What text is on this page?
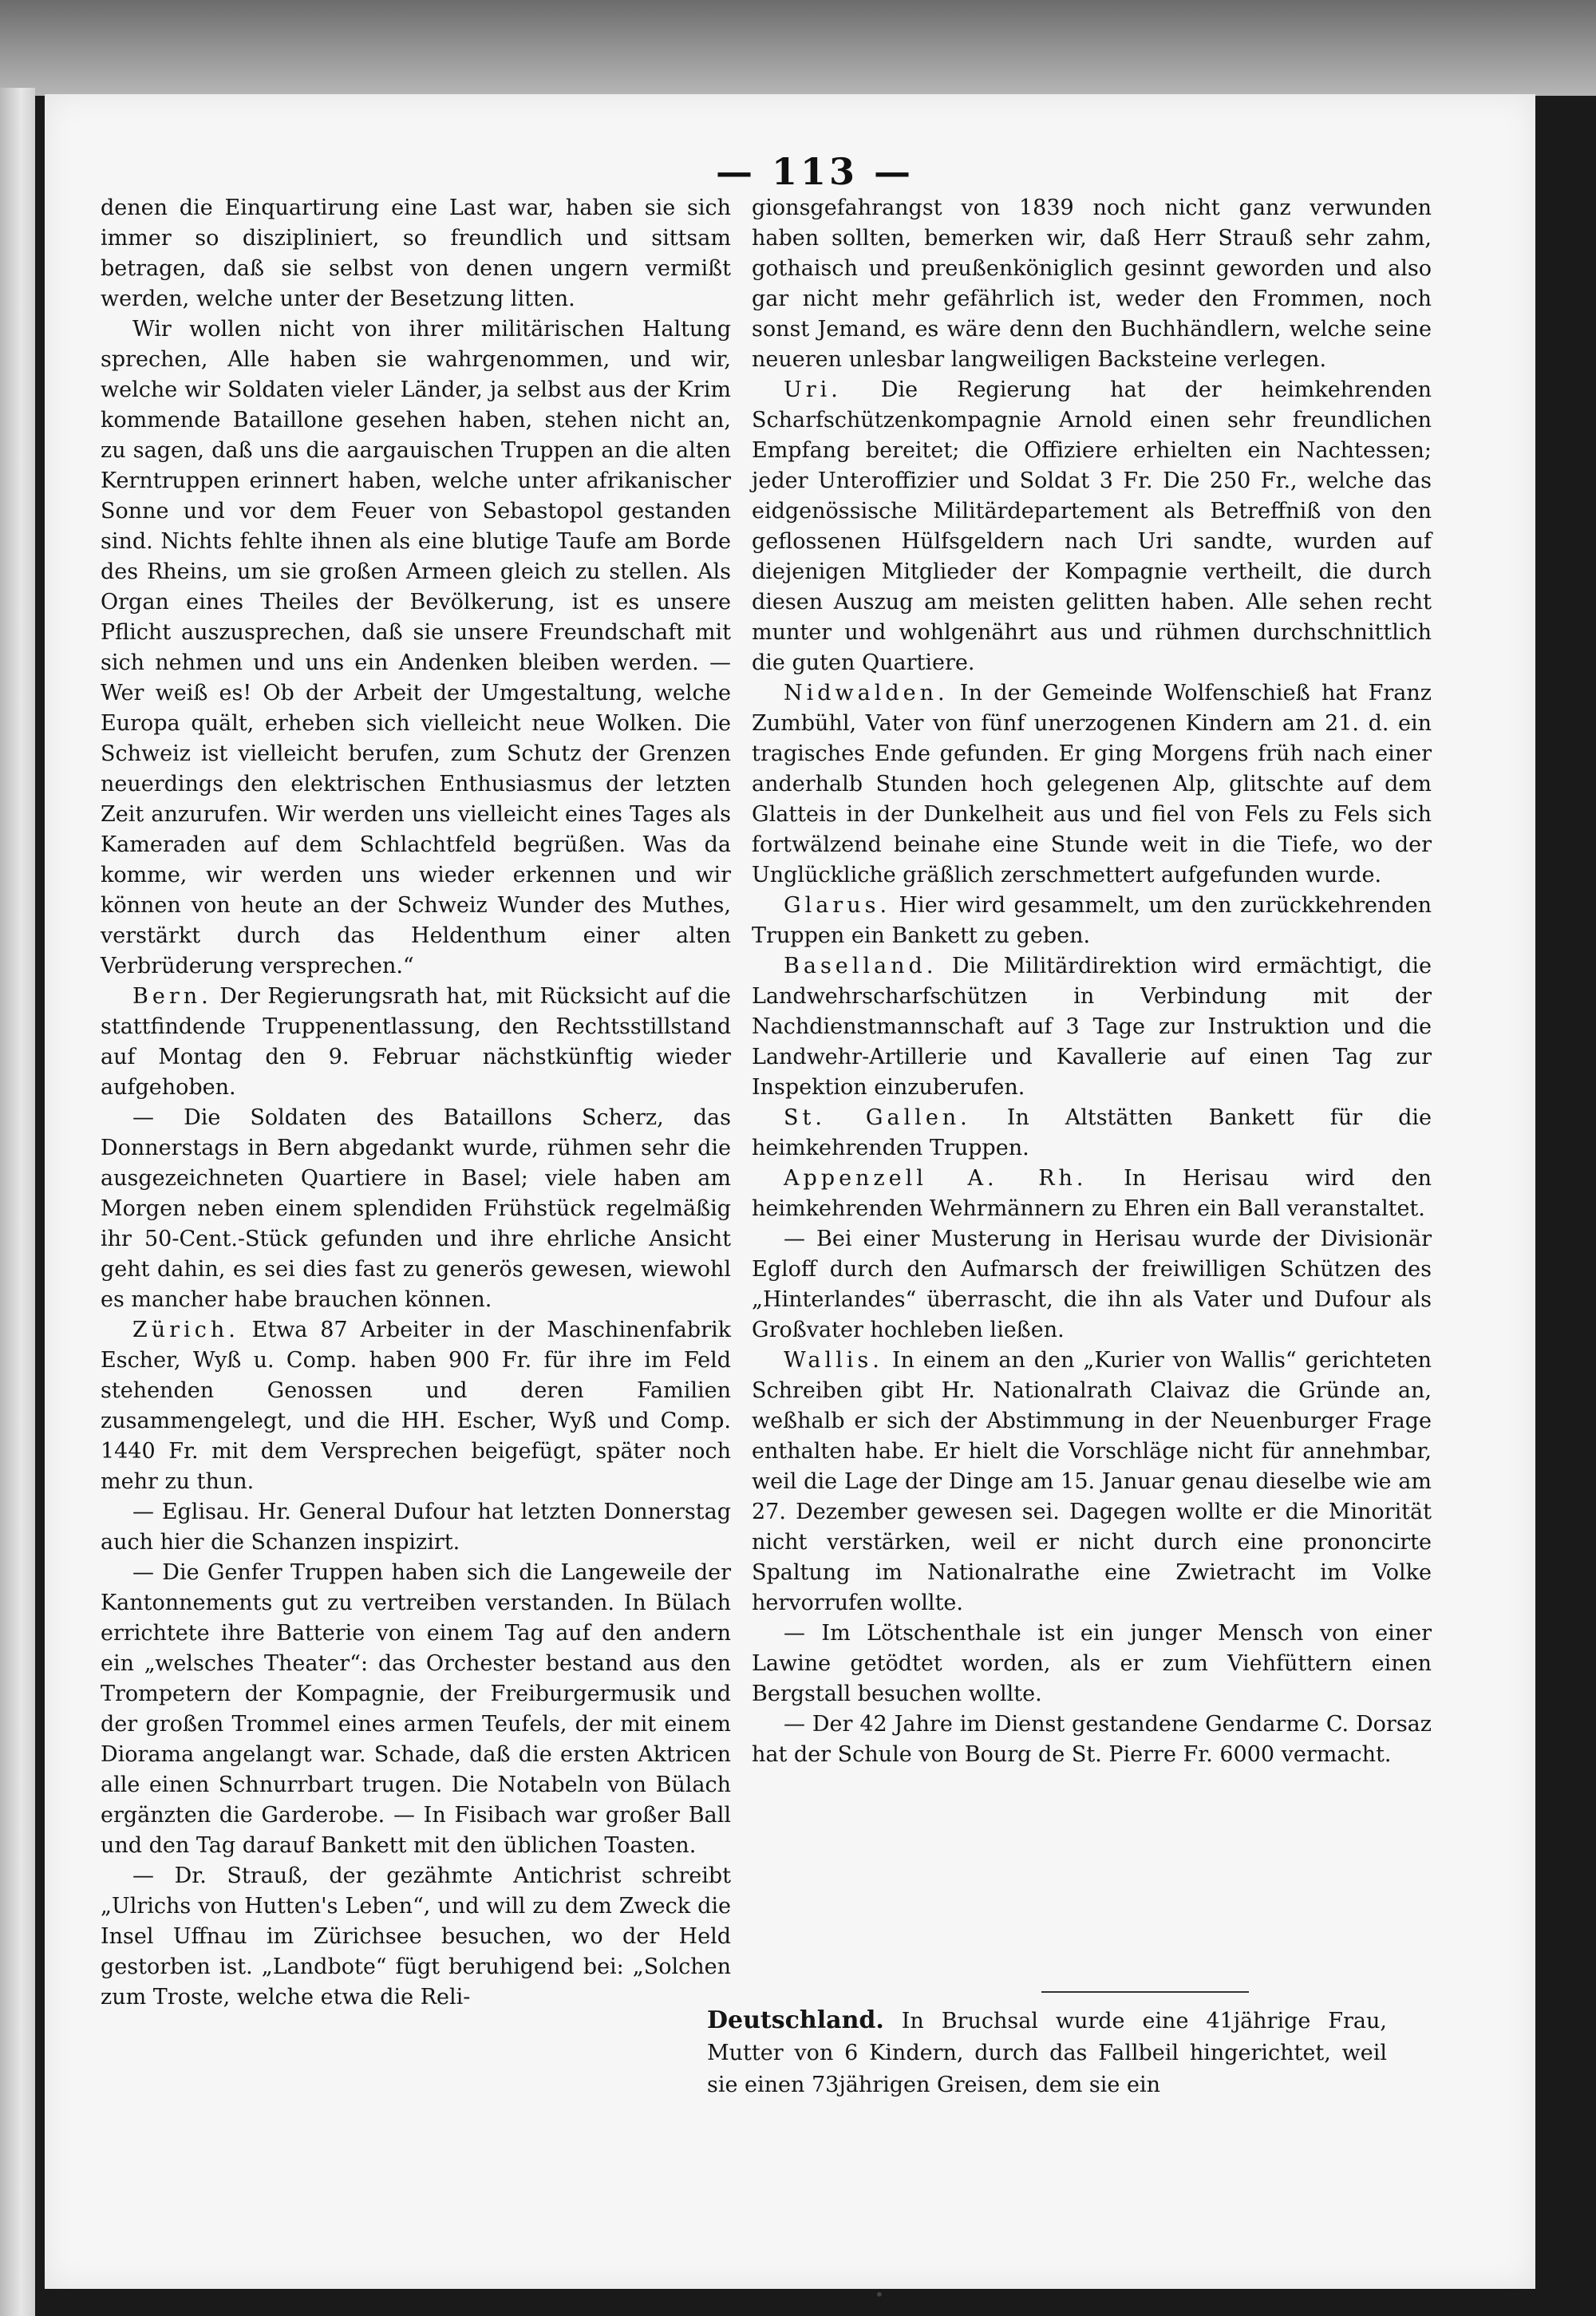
— 113 —

denen die Einquartirung eine Last war, haben sie sich immer so diszipliniert, so freundlich und sittsam betragen, daß sie selbst von denen ungern vermißt werden, welche unter der Besetzung litten.

Wir wollen nicht von ihrer militärischen Haltung sprechen, Alle haben sie wahrgenommen, und wir, welche wir Soldaten vieler Länder, ja selbst aus der Krim kommende Bataillone gesehen haben, stehen nicht an, zu sagen, daß uns die aargauischen Truppen an die alten Kerntruppen erinnert haben, welche unter afrikanischer Sonne und vor dem Feuer von Sebastopol gestanden sind. Nichts fehlte ihnen als eine blutige Taufe am Borde des Rheins, um sie großen Armeen gleich zu stellen. Als Organ eines Theiles der Bevölkerung, ist es unsere Pflicht auszusprechen, daß sie unsere Freundschaft mit sich nehmen und uns ein Andenken bleiben werden. — Wer weiß es! Ob der Arbeit der Umgestaltung, welche Europa quält, erheben sich vielleicht neue Wolken. Die Schweiz ist vielleicht berufen, zum Schutz der Grenzen neuerdings den elektrischen Enthusiasmus der letzten Zeit anzurufen. Wir werden uns vielleicht eines Tages als Kameraden auf dem Schlachtfeld begrüßen. Was da komme, wir werden uns wieder erkennen und wir können von heute an der Schweiz Wunder des Muthes, verstärkt durch das Heldenthum einer alten Verbrüderung versprechen.“

Bern. Der Regierungsrath hat, mit Rücksicht auf die stattfindende Truppenentlassung, den Rechtsstillstand auf Montag den 9. Februar nächstkünftig wieder aufgehoben.

— Die Soldaten des Bataillons Scherz, das Donnerstags in Bern abgedankt wurde, rühmen sehr die ausgezeichneten Quartiere in Basel; viele haben am Morgen neben einem splendiden Frühstück regelmäßig ihr 50-Cent.-Stück gefunden und ihre ehrliche Ansicht geht dahin, es sei dies fast zu generös gewesen, wiewohl es mancher habe brauchen können.

Zürich. Etwa 87 Arbeiter in der Maschinenfabrik Escher, Wyß u. Comp. haben 900 Fr. für ihre im Feld stehenden Genossen und deren Familien zusammengelegt, und die HH. Escher, Wyß und Comp. 1440 Fr. mit dem Versprechen beigefügt, später noch mehr zu thun.

— Eglisau. Hr. General Dufour hat letzten Donnerstag auch hier die Schanzen inspizirt.

— Die Genfer Truppen haben sich die Langeweile der Kantonnements gut zu vertreiben verstanden. In Bülach errichtete ihre Batterie von einem Tag auf den andern ein „welsches Theater“: das Orchester bestand aus den Trompetern der Kompagnie, der Freiburgermusik und der großen Trommel eines armen Teufels, der mit einem Diorama angelangt war. Schade, daß die ersten Aktricen alle einen Schnurrbart trugen. Die Notabeln von Bülach ergänzten die Garderobe. — In Fisibach war großer Ball und den Tag darauf Bankett mit den üblichen Toasten.

— Dr. Strauß, der gezähmte Antichrist schreibt „Ulrichs von Hutten's Leben“, und will zu dem Zweck die Insel Uffnau im Zürichsee besuchen, wo der Held gestorben ist. „Landbote“ fügt beruhigend bei: „Solchen zum Troste, welche etwa die Reli-

gionsgefahrangst von 1839 noch nicht ganz verwunden haben sollten, bemerken wir, daß Herr Strauß sehr zahm, gothaisch und preußenköniglich gesinnt geworden und also gar nicht mehr gefährlich ist, weder den Frommen, noch sonst Jemand, es wäre denn den Buchhändlern, welche seine neueren unlesbar langweiligen Backsteine verlegen.

Uri. Die Regierung hat der heimkehrenden Scharfschützenkompagnie Arnold einen sehr freundlichen Empfang bereitet; die Offiziere erhielten ein Nachtessen; jeder Unteroffizier und Soldat 3 Fr. Die 250 Fr., welche das eidgenössische Militärdepartement als Betreffniß von den geflossenen Hülfsgeldern nach Uri sandte, wurden auf diejenigen Mitglieder der Kompagnie vertheilt, die durch diesen Auszug am meisten gelitten haben. Alle sehen recht munter und wohlgenährt aus und rühmen durchschnittlich die guten Quartiere.

Nidwalden. In der Gemeinde Wolfenschieß hat Franz Zumbühl, Vater von fünf unerzogenen Kindern am 21. d. ein tragisches Ende gefunden. Er ging Morgens früh nach einer anderhalb Stunden hoch gelegenen Alp, glitschte auf dem Glatteis in der Dunkelheit aus und fiel von Fels zu Fels sich fortwälzend beinahe eine Stunde weit in die Tiefe, wo der Unglückliche gräßlich zerschmettert aufgefunden wurde.

Glarus. Hier wird gesammelt, um den zurückkehrenden Truppen ein Bankett zu geben.

Baselland. Die Militärdirektion wird ermächtigt, die Landwehrscharfschützen in Verbindung mit der Nachdienstmannschaft auf 3 Tage zur Instruktion und die Landwehr-Artillerie und Kavallerie auf einen Tag zur Inspektion einzuberufen.

St. Gallen. In Altstätten Bankett für die heimkehrenden Truppen.

Appenzell A. Rh. In Herisau wird den heimkehrenden Wehrmännern zu Ehren ein Ball veranstaltet.

— Bei einer Musterung in Herisau wurde der Divisionär Egloff durch den Aufmarsch der freiwilligen Schützen des „Hinterlandes“ überrascht, die ihn als Vater und Dufour als Großvater hochleben ließen.

Wallis. In einem an den „Kurier von Wallis“ gerichteten Schreiben gibt Hr. Nationalrath Claivaz die Gründe an, weßhalb er sich der Abstimmung in der Neuenburger Frage enthalten habe. Er hielt die Vorschläge nicht für annehmbar, weil die Lage der Dinge am 15. Januar genau dieselbe wie am 27. Dezember gewesen sei. Dagegen wollte er die Minorität nicht verstärken, weil er nicht durch eine prononcirte Spaltung im Nationalrathe eine Zwietracht im Volke hervorrufen wollte.

— Im Lötschenthale ist ein junger Mensch von einer Lawine getödtet worden, als er zum Viehfüttern einen Bergstall besuchen wollte.

— Der 42 Jahre im Dienst gestandene Gendarme C. Dorsaz hat der Schule von Bourg de St. Pierre Fr. 6000 vermacht.

•
Deutschland. In Bruchsal wurde eine 41jährige Frau, Mutter von 6 Kindern, durch das Fallbeil hingerichtet, weil sie einen 73jährigen Greisen, dem sie ein
